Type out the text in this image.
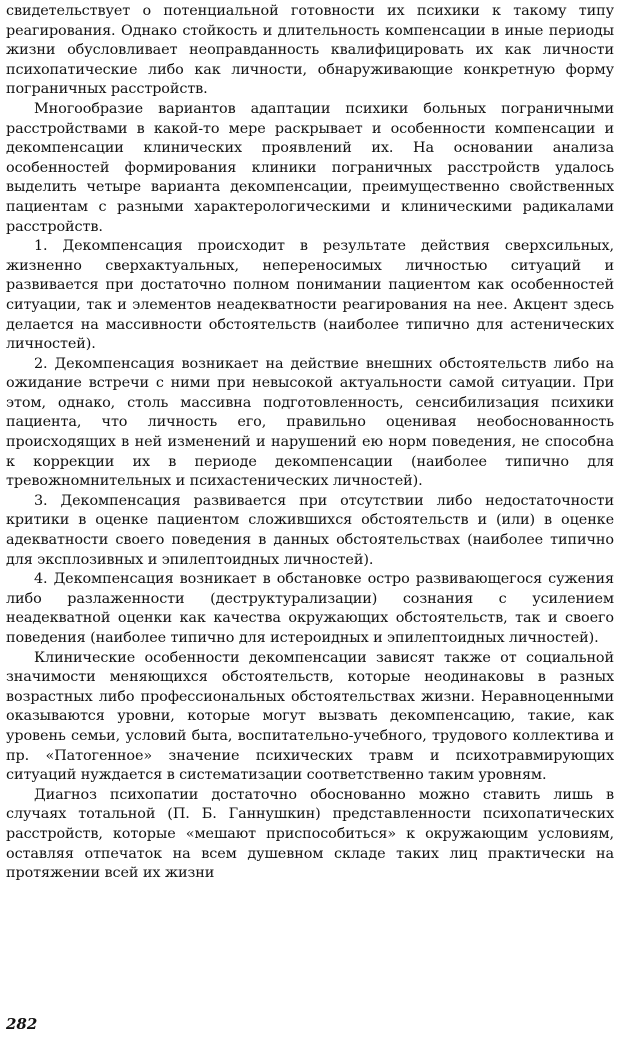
свидетельствует о потенциальной готовности их психики к такому типу реагирования. Однако стойкость и длительность компенсации в иные периоды жизни обусловливает неоправданность квалифицировать их как личности психопатические либо как личности, обнаруживающие конкретную форму пограничных расстройств.

Многообразие вариантов адаптации психики больных пограничными расстройствами в какой-то мере раскрывает и особенности компенсации и декомпенсации клинических проявлений их. На основании анализа особенностей формирования клиники пограничных расстройств удалось выделить четыре варианта декомпенсации, преимущественно свойственных пациентам с разными характерологическими и клиническими радикалами расстройств.

1. Декомпенсация происходит в результате действия сверхсильных, жизненно сверхактуальных, непереносимых личностью ситуаций и развивается при достаточно полном понимании пациентом как особенностей ситуации, так и элементов неадекватности реагирования на нее. Акцент здесь делается на массивности обстоятельств (наиболее типично для астенических личностей).

2. Декомпенсация возникает на действие внешних обстоятельств либо на ожидание встречи с ними при невысокой актуальности самой ситуации. При этом, однако, столь массивна подготовленность, сенсибилизация психики пациента, что личность его, правильно оценивая необоснованность происходящих в ней изменений и нарушений ею норм поведения, не способна к коррекции их в периоде декомпенсации (наиболее типично для тревожномнительных и психастенических личностей).

3. Декомпенсация развивается при отсутствии либо недостаточности критики в оценке пациентом сложившихся обстоятельств и (или) в оценке адекватности своего поведения в данных обстоятельствах (наиболее типично для эксплозивных и эпилептоидных личностей).

4. Декомпенсация возникает в обстановке остро развивающегося сужения либо разлаженности (деструктурализации) сознания с усилением неадекватной оценки как качества окружающих обстоятельств, так и своего поведения (наиболее типично для истероидных и эпилептоидных личностей).

Клинические особенности декомпенсации зависят также от социальной значимости меняющихся обстоятельств, которые неодинаковы в разных возрастных либо профессиональных обстоятельствах жизни. Неравноценными оказываются уровни, которые могут вызвать декомпенсацию, такие, как уровень семьи, условий быта, воспитательно-учебного, трудового коллектива и пр. «Патогенное» значение психических травм и психотравмирующих ситуаций нуждается в систематизации соответственно таким уровням.

Диагноз психопатии достаточно обоснованно можно ставить лишь в случаях тотальной (П. Б. Ганнушкин) представленности психопатических расстройств, которые «мешают приспособиться» к окружающим условиям, оставляя отпечаток на всем душевном складе таких лиц практически на протяжении всей их жизни

282
